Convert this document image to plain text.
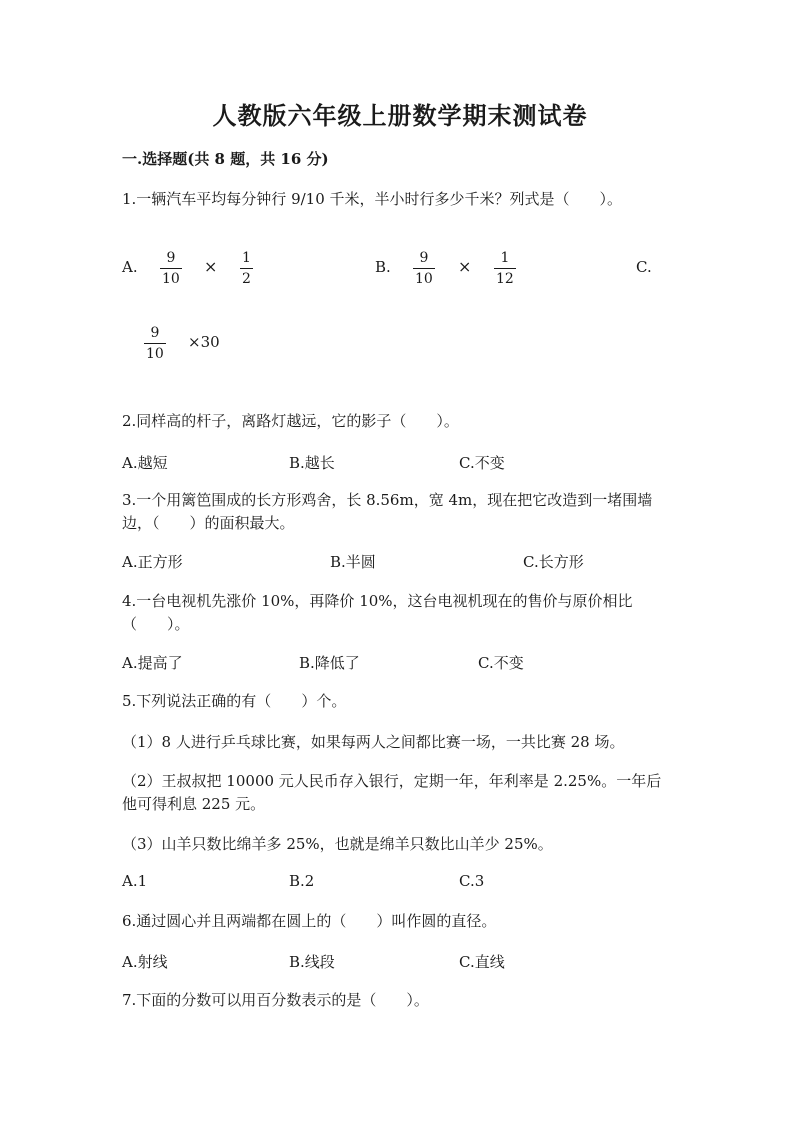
人教版六年级上册数学期末测试卷
一.选择题(共 8 题，共 16 分)
1.一辆汽车平均每分钟行 9/10 千米，半小时行多少千米？列式是（　　）。
A. 9
10
× 1
2
B. 9
10
× 1
12
C.
9
10
×30
2.同样高的杆子，离路灯越远，它的影子（　　）。
A.越短	B.越长	C.不变
3.一个用篱笆围成的长方形鸡舍，长 8.56m，宽 4m，现在把它改造到一堵围墙
边，（　　）的面积最大。
A.正方形	B.半圆	C.长方形
4.一台电视机先涨价 10%，再降价 10%，这台电视机现在的售价与原价相比
（　　）。
A.提高了	B.降低了	C.不变
5.下列说法正确的有（　　）个。
（1）8 人进行乒乓球比赛，如果每两人之间都比赛一场，一共比赛 28 场。
（2）王叔叔把 10000 元人民币存入银行，定期一年，年利率是 2.25%。一年后
他可得利息 225 元。
（3）山羊只数比绵羊多 25%，也就是绵羊只数比山羊少 25%。
A.1	B.2	C.3
6.通过圆心并且两端都在圆上的（　　）叫作圆的直径。
A.射线	B.线段	C.直线
7.下面的分数可以用百分数表示的是（　　）。
